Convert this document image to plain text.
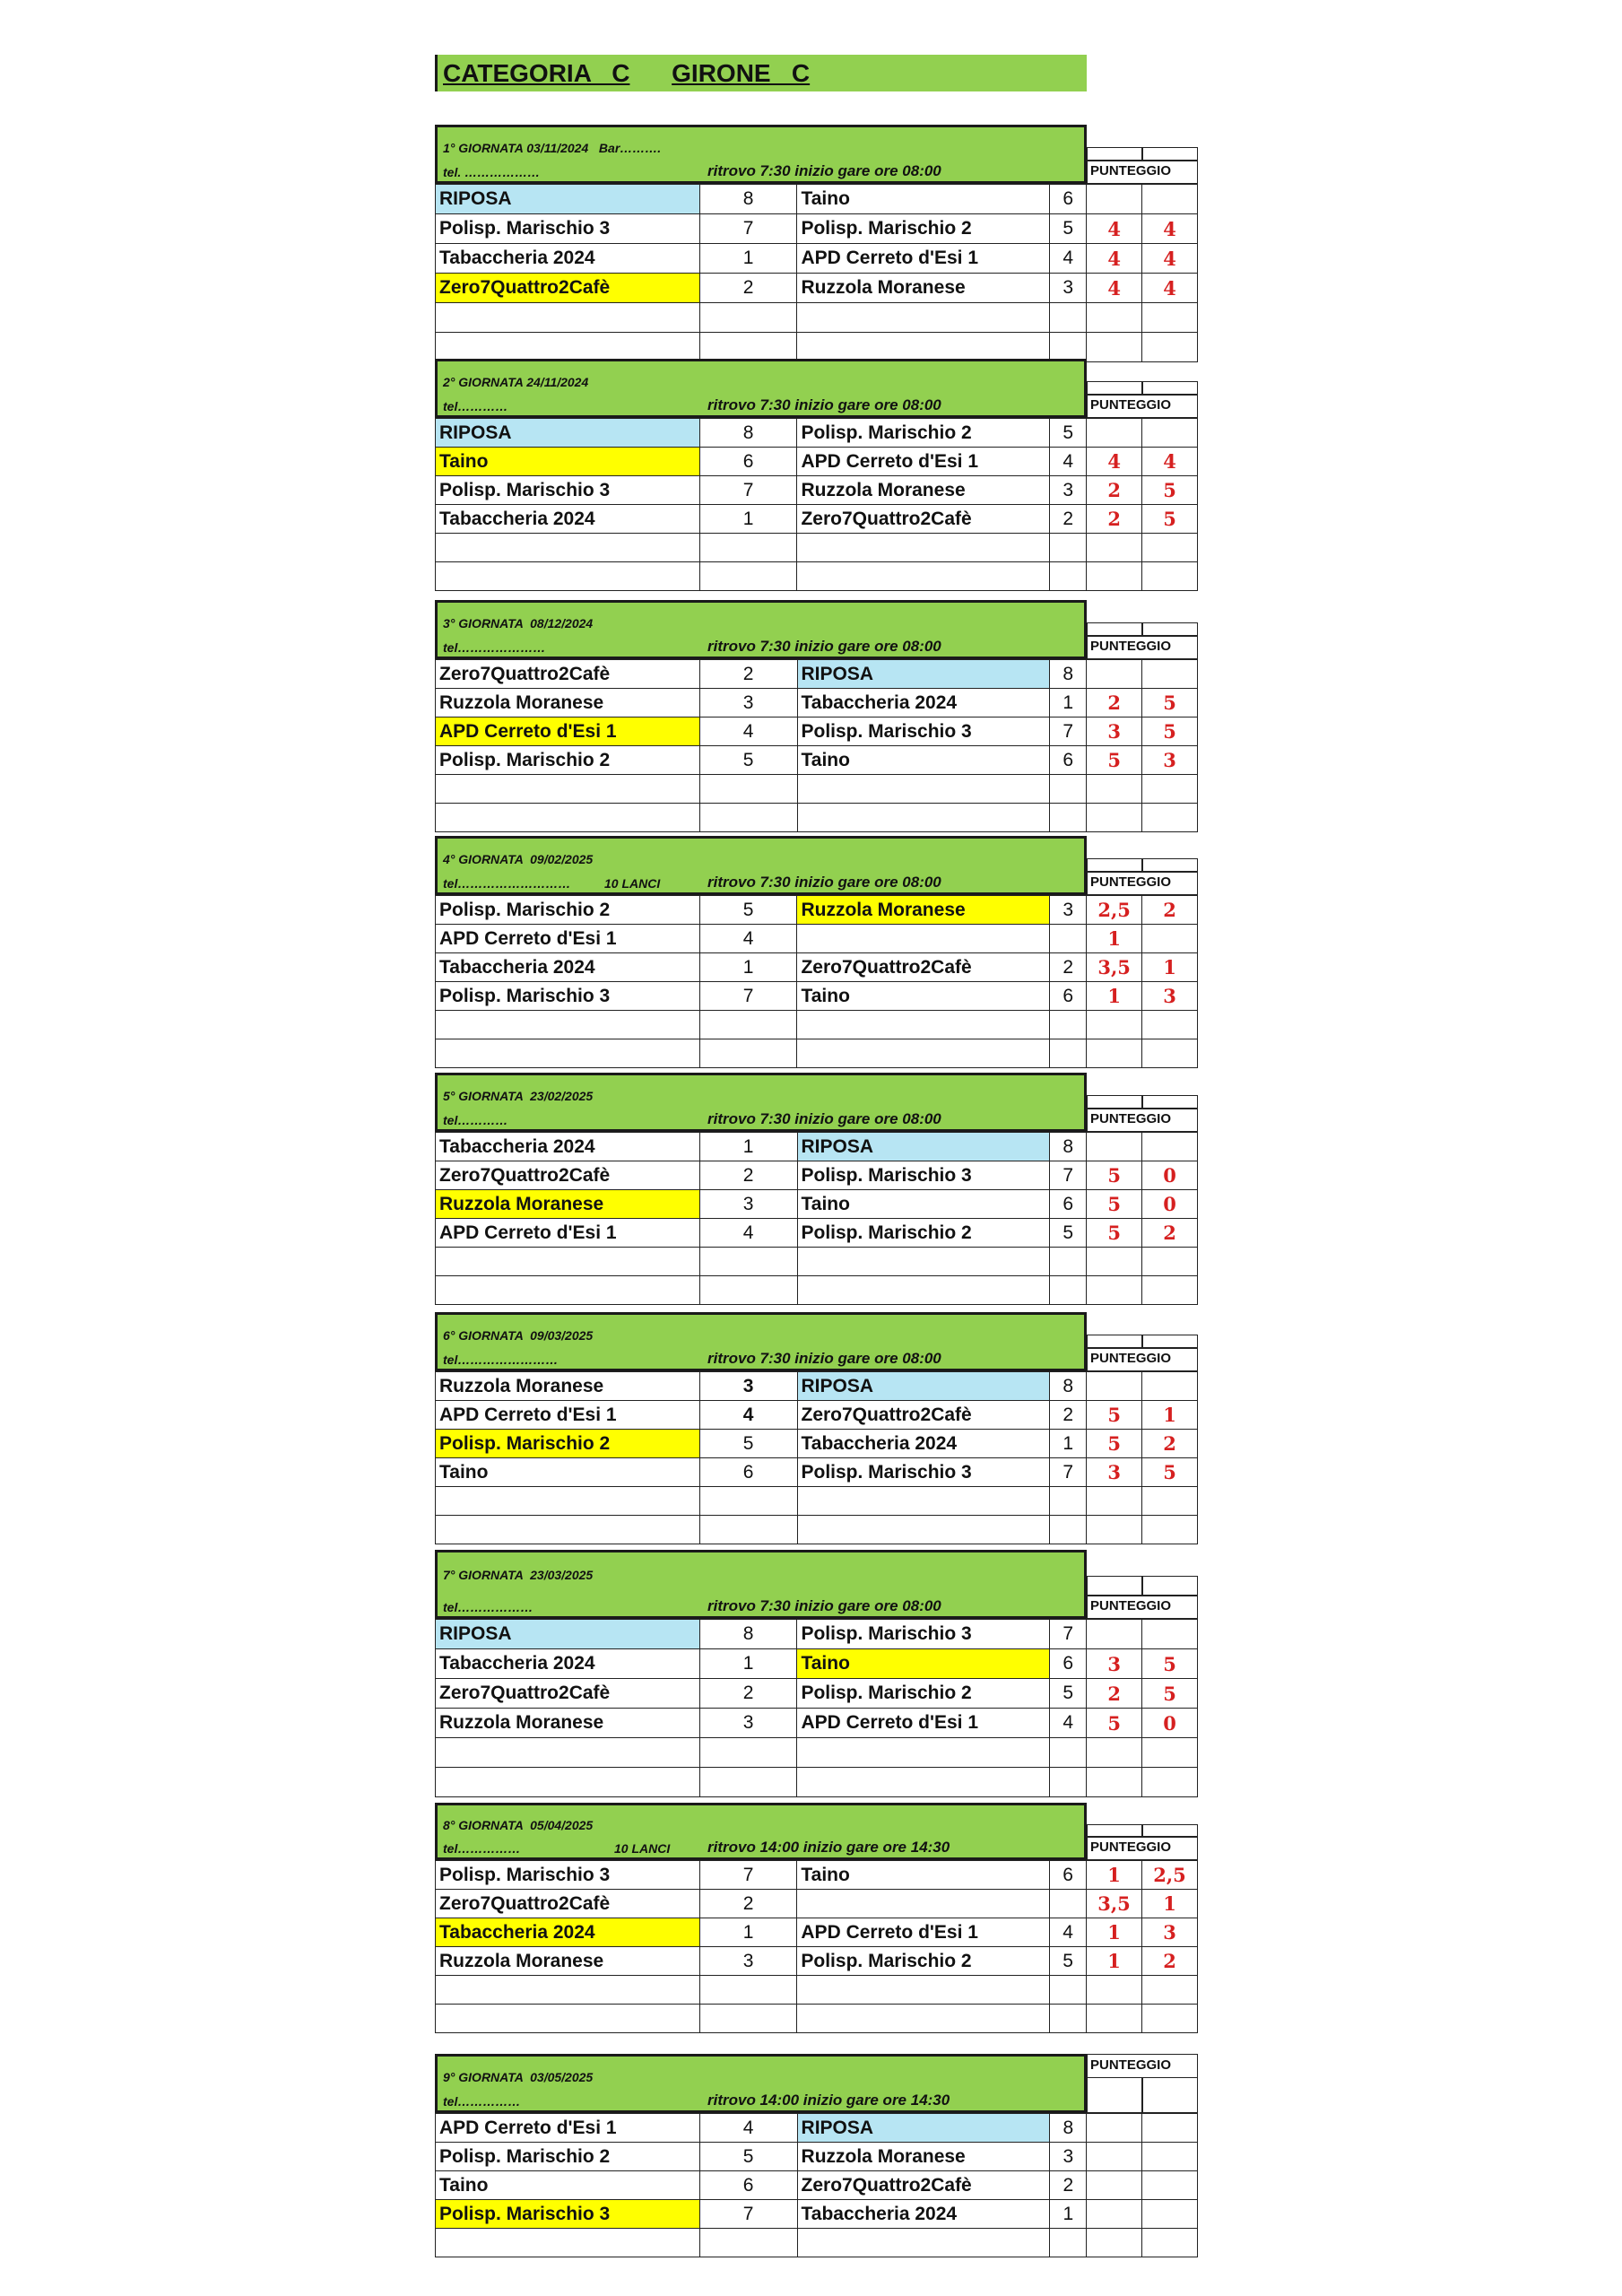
CATEGORIA   C GIRONE   C
1° GIORNATA 03/11/2024   Bar……….
tel. ………………	ritrovo 7:30 inizio gare ore 08:00	PUNTEGGIO
RIPOSA	8	Taino	6		
Polisp. Marischio 3	7	Polisp. Marischio 2	5	4	4
Tabaccheria 2024	1	APD Cerreto d'Esi 1	4	4	4
Zero7Quattro2Cafè	2	Ruzzola Moranese	3	4	4

2° GIORNATA 24/11/2024
tel…………	ritrovo 7:30 inizio gare ore 08:00	PUNTEGGIO
RIPOSA	8	Polisp. Marischio 2	5		
Taino	6	APD Cerreto d'Esi 1	4	4	4
Polisp. Marischio 3	7	Ruzzola Moranese	3	2	5
Tabaccheria 2024	1	Zero7Quattro2Cafè	2	2	5

3° GIORNATA  08/12/2024
tel…………………	ritrovo 7:30 inizio gare ore 08:00	PUNTEGGIO
Zero7Quattro2Cafè	2	RIPOSA	8		
Ruzzola Moranese	3	Tabaccheria 2024	1	2	5
APD Cerreto d'Esi 1	4	Polisp. Marischio 3	7	3	5
Polisp. Marischio 2	5	Taino	6	5	3

4° GIORNATA  09/02/2025
tel……………………… 10 LANCI	ritrovo 7:30 inizio gare ore 08:00	PUNTEGGIO
Polisp. Marischio 2	5	Ruzzola Moranese	3	2,5	2
APD Cerreto d'Esi 1	4			1	
Tabaccheria 2024	1	Zero7Quattro2Cafè	2	3,5	1
Polisp. Marischio 3	7	Taino	6	1	3

5° GIORNATA  23/02/2025
tel…………	ritrovo 7:30 inizio gare ore 08:00	PUNTEGGIO
Tabaccheria 2024	1	RIPOSA	8		
Zero7Quattro2Cafè	2	Polisp. Marischio 3	7	5	0
Ruzzola Moranese	3	Taino	6	5	0
APD Cerreto d'Esi 1	4	Polisp. Marischio 2	5	5	2

6° GIORNATA  09/03/2025
tel……………………	ritrovo 7:30 inizio gare ore 08:00	PUNTEGGIO
Ruzzola Moranese	3	RIPOSA	8		
APD Cerreto d'Esi 1	4	Zero7Quattro2Cafè	2	5	1
Polisp. Marischio 2	5	Tabaccheria 2024	1	5	2
Taino	6	Polisp. Marischio 3	7	3	5

7° GIORNATA  23/03/2025
tel………………	ritrovo 7:30 inizio gare ore 08:00	PUNTEGGIO
RIPOSA	8	Polisp. Marischio 3	7		
Tabaccheria 2024	1	Taino	6	3	5
Zero7Quattro2Cafè	2	Polisp. Marischio 2	5	2	5
Ruzzola Moranese	3	APD Cerreto d'Esi 1	4	5	0

8° GIORNATA  05/04/2025
tel……………	10 LANCI ritrovo 14:00 inizio gare ore 14:30	PUNTEGGIO
Polisp. Marischio 3	7	Taino	6	1	2,5
Zero7Quattro2Cafè	2			3,5	1
Tabaccheria 2024	1	APD Cerreto d'Esi 1	4	1	3
Ruzzola Moranese	3	Polisp. Marischio 2	5	1	2

9° GIORNATA  03/05/2025
tel……………	ritrovo 14:00 inizio gare ore 14:30
PUNTEGGIO
APD Cerreto d'Esi 1	4	RIPOSA	8		
Polisp. Marischio 2	5	Ruzzola Moranese	3		
Taino	6	Zero7Quattro2Cafè	2		
Polisp. Marischio 3	7	Tabaccheria 2024	1		
